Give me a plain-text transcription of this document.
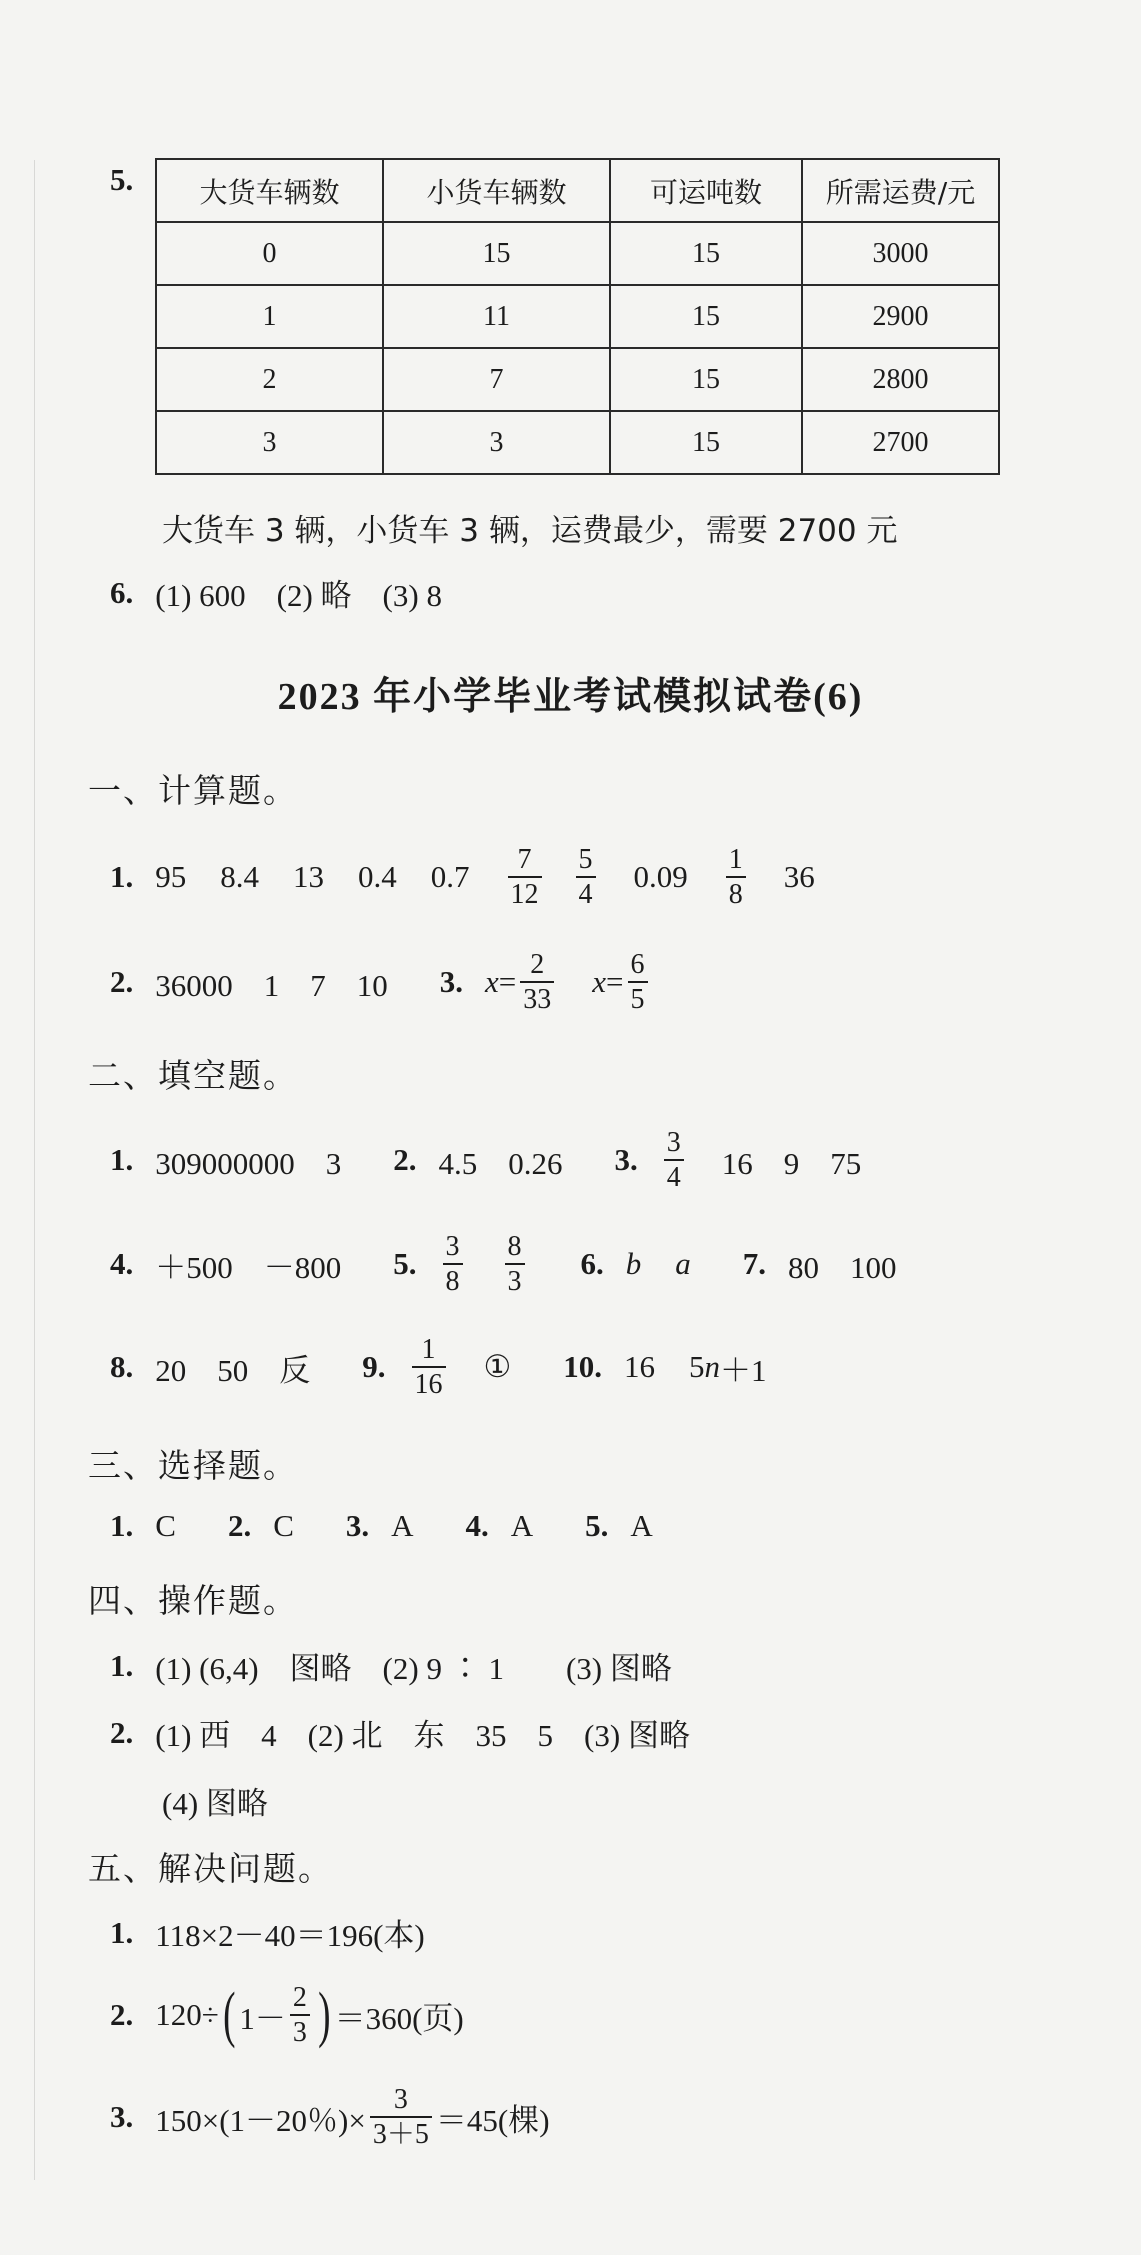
5. 大货车辆数	小货车辆数	可运吨数	所需运费/元
0	15	15	3000
1	11	15	2900
2	7	15	2800
3	3	15	2700
大货车 3 辆，小货车 3 辆，运费最少，需要 2700 元
6. (1) 600　(2) 略　(3) 8
2023 年小学毕业考试模拟试卷(6)
一、计算题。
1. 95 8.4 13 0.4 $0.7 \frac{7}{12} \frac{5}{4} 0.09 \frac{1}{8} 36$
2. 36000　1　7　10 3. $x = \frac{2}{33}$ $x = \frac{6}{5}$
二、填空题。
1. 309000000　3 2. 4.5　0.26 3. $\frac{3}{4} 16$　9　75
4. ＋500　－800 5. $\frac{3}{8} \frac{8}{3} 6$. b a 7. 80　100
8. 20　50　反 9. $\frac{1}{16}$ ① 10. 16 5 n ＋1
三、选择题。
1. C 2. C 3. A 4. A 5. A
四、操作题。
1. (1) (6,4)　图略　(2) 9 ∶ 1　　(3) 图略
2. (1) 西　4　(2) 北　东　35　5　(3) 图略
(4) 图略
五、解决问题。
1. 118×2－40＝196(本)
2. 120÷ ( $1- \frac{2}{3}$ ) ＝360(页)
3. 150×(1－20％)× $\frac{3}{3+5} =45$(棵)
